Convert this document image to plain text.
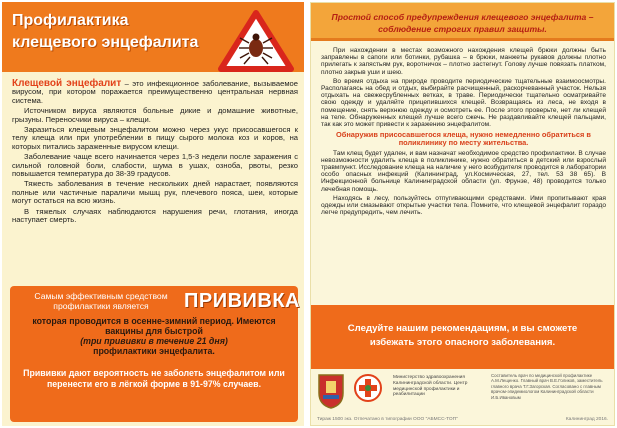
Профилактика
клещевого энцефалита

Клещевой энцефалит – это инфекционное заболевание, вызываемое вирусом, при котором поражается преимущественно центральная нервная система.

Источником вируса являются больные дикие и домашние животные, грызуны. Переносчики вируса – клещи.

Заразиться клещевым энцефалитом можно через укус присосавшегося к телу клеща или при употреблении в пищу сырого молока коз и коров, на которых питались зараженные вирусом клещи.

Заболевание чаще всего начинается через 1,5-3 недели после заражения с сильной головной боли, слабости, шума в ушах, озноба, рвоты, резко повышается температура до 38-39 градусов.

Тяжесть заболевания в течение нескольких дней нарастает, появляются полные или частичные параличи мышц рук, плечевого пояса, шеи, которые могут остаться на всю жизнь.

В тяжелых случаях наблюдаются нарушения речи, глотания, иногда наступает смерть.

Самым эффективным средством профилактики является	ПРИВИВКА
которая проводится в осенне-зимний период. Имеются вакцины для быстрой
(три прививки в течение 21 дня)
профилактики энцефалита.
Прививки дают вероятность не заболеть энцефалитом или перенести его в лёгкой форме в 91-97% случаев.
Простой способ предупреждения клещевого энцефалита –
соблюдение строгих правил защиты.

При нахождении в местах возможного нахождения клещей брюки должны быть заправлены в сапоги или ботинки, рубашка – в брюки, манжеты рукавов должны плотно прилегать к запястьям рук, воротничок – плотно застегнут. Голову лучше повязать платком, плотно закрыв уши и шею.

Во время отдыха на природе проводите периодические тщательные взаимоосмотры. Располагаясь на обед и отдых, выбирайте расчищенный, раскорчеванный участок. Нельзя отдыхать на свежесрубленных ветках, в траве. Периодически тщательно осматривайте свою одежду и удаляйте прицепившихся клещей. Возвращаясь из леса, не входя в помещение, снять верхнюю одежду и осмотреть ее. После этого проверьте, нет ли клещей на теле. Обнаруженных клещей лучше всего сжечь. Не раздавливайте клещей пальцами, так как это может привести к заражению энцефалитом.

Обнаружив присосавшегося клеща, нужно немедленно обратиться в поликлинику по месту жительства.

Там клещ будет удален, и вам назначат необходимое средство профилактики. В случае невозможности удалить клеща в поликлинике, нужно обратиться в детский или взрослый травмпункт. Исследование клеща на наличие у него возбудителя проводится в лаборатории особо опасных инфекций (Калининград, ул.Космическая, 27, тел. 53 38 65). В Инфекционной больнице Калининградской области (ул. Фрунзе, 48) проводится только лечебная помощь.

Находясь в лесу, пользуйтесь отпугивающими средствами. Ими пропитывают края одежды или смазывают открытые участки тела. Помните, что клещевой энцефалит гораздо легче предупредить, чем лечить.

Следуйте нашим рекомендациям, и вы сможете
избежать этого опасного заболевания.
Министерство здравоохранения Калининградской области. Центр медицинской профилактики и реабилитации
Составитель врач по медицинской профилактике А.М.Лещенко. Главный врач В.Е.Голиков, заместитель главного врача Т.Г.Загорская. Согласовано с главным врачом-эпидемиологом Калининградской области И.Б.Ивановым
Тираж 1500 экз. Отпечатано в типографии ООО "АБМСС-ТОП"	Калининград 2016.
